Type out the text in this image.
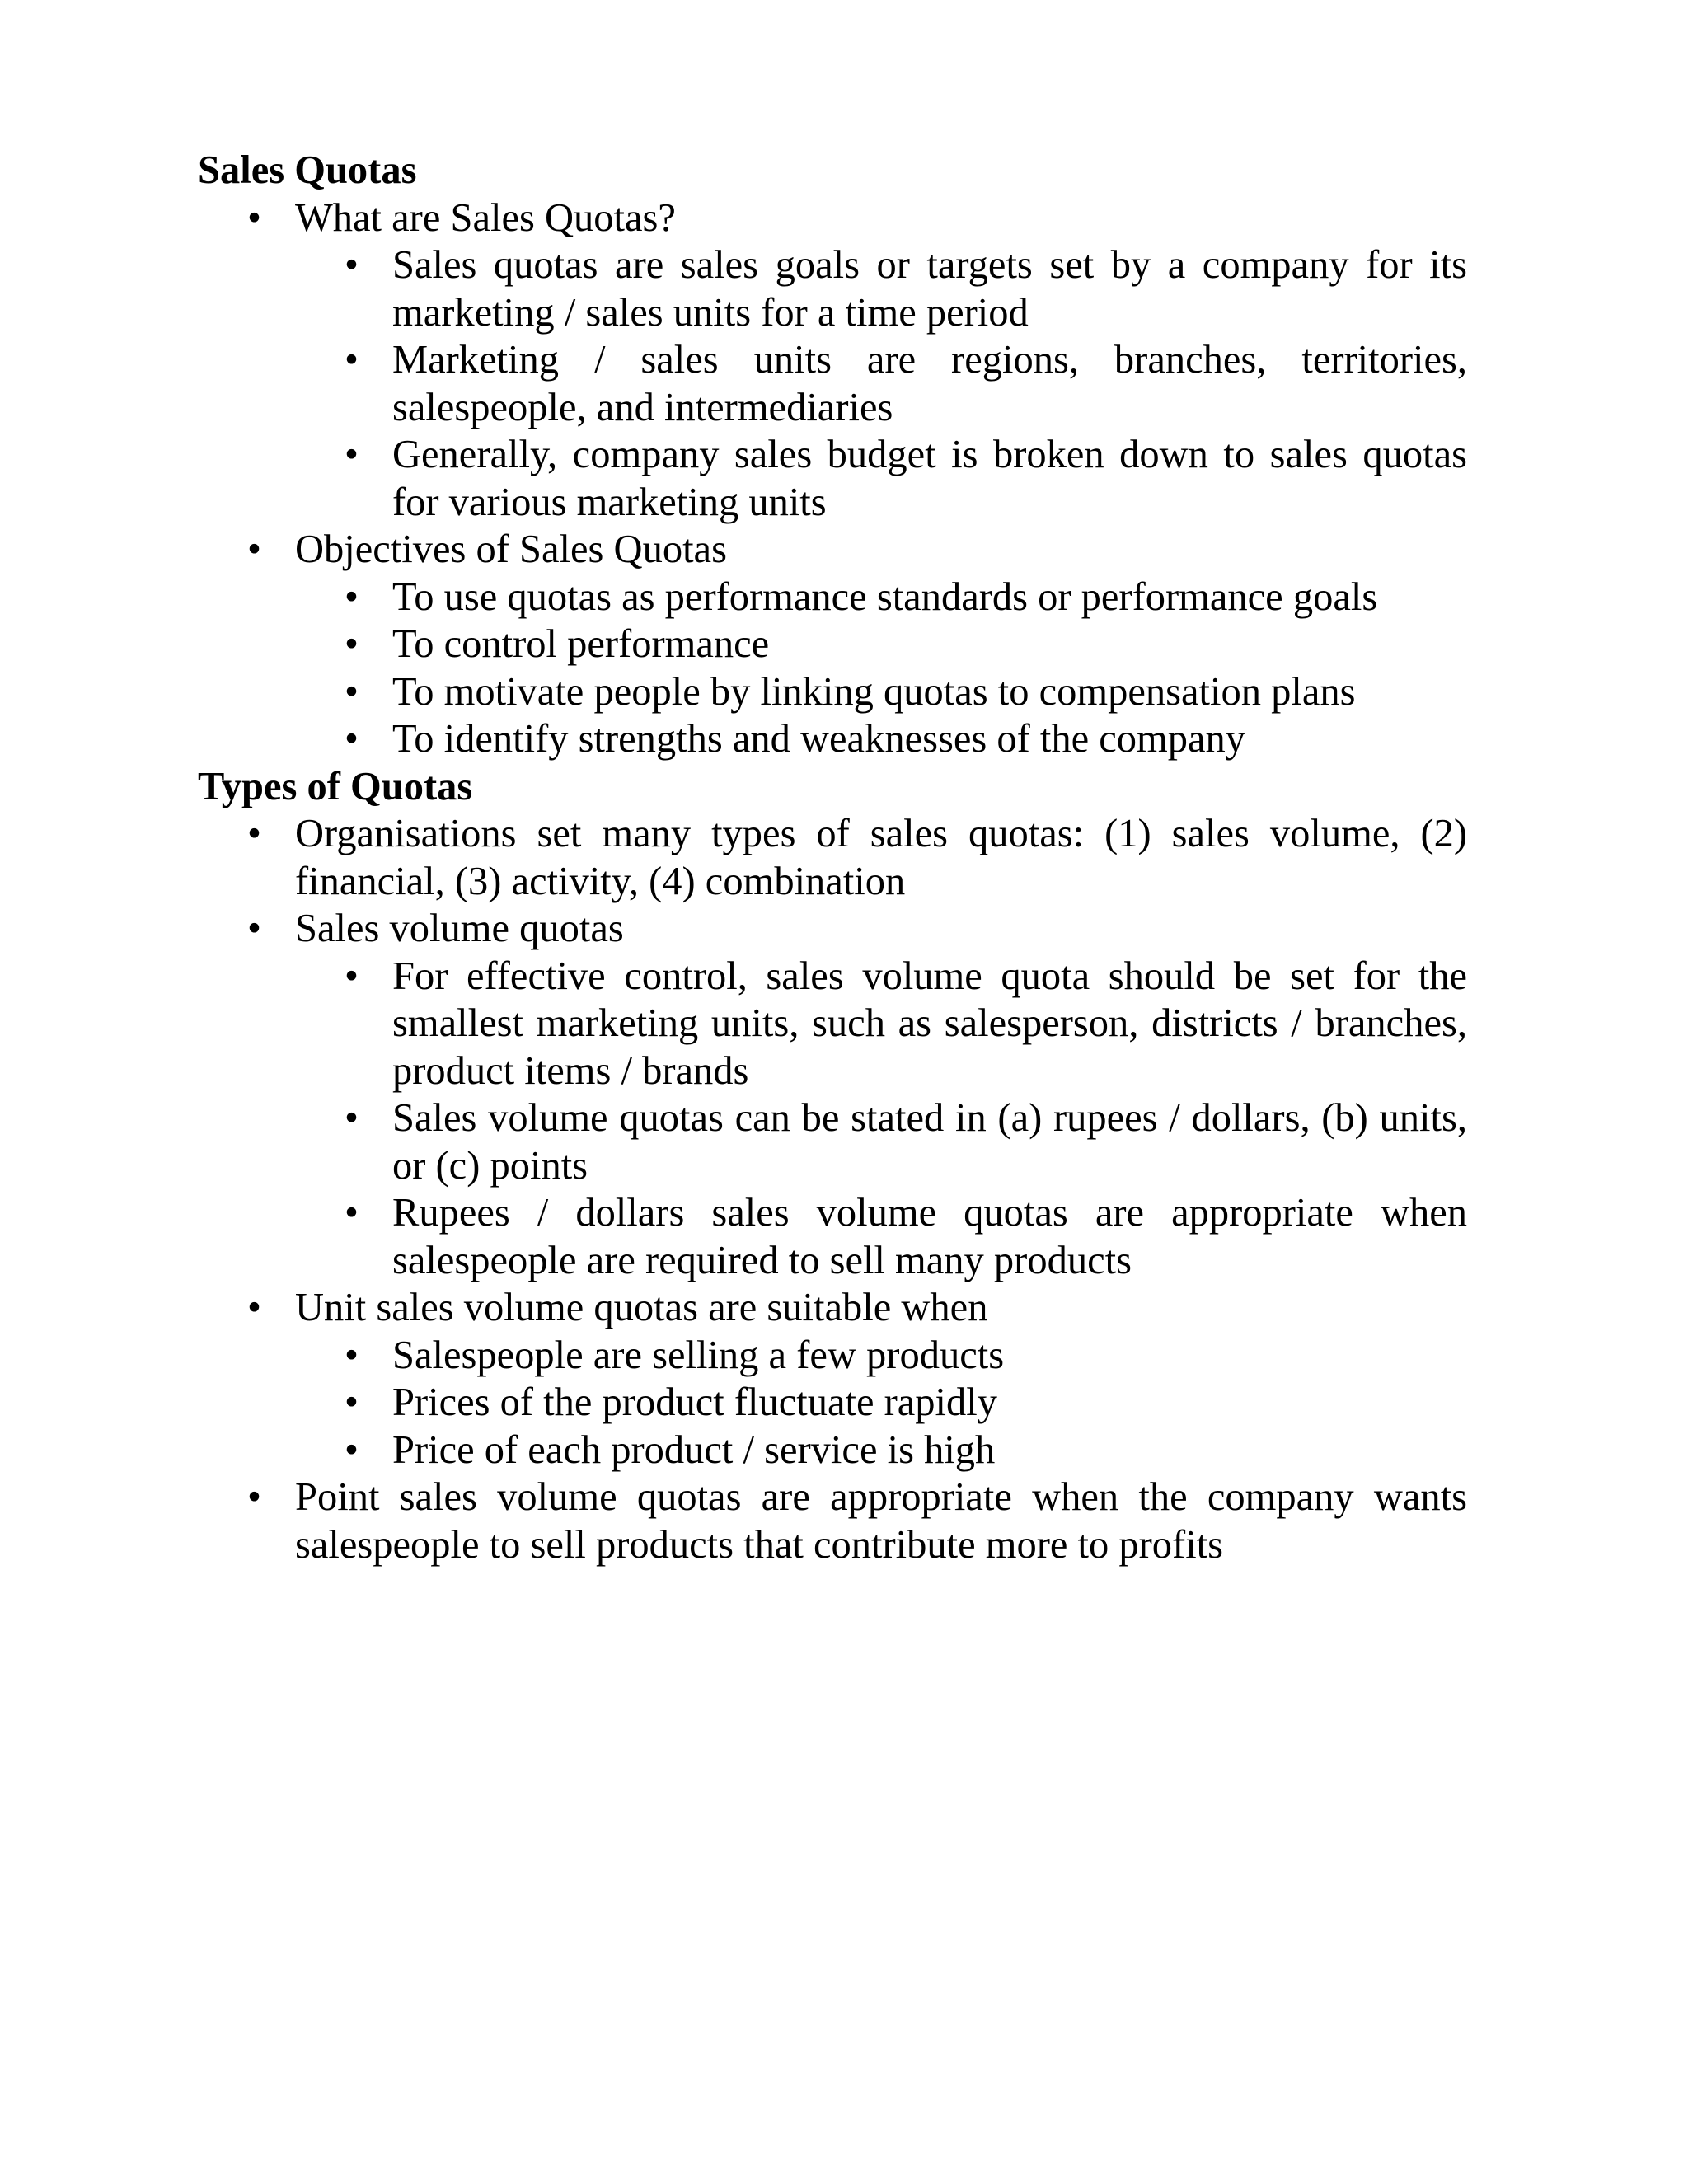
Sales Quotas

• What are Sales Quotas?
• Sales quotas are sales goals or targets set by a company for its marketing / sales units for a time period
• Marketing / sales units are regions, branches, territories, salespeople, and intermediaries
• Generally, company sales budget is broken down to sales quotas for various marketing units
• Objectives of Sales Quotas
• To use quotas as performance standards or performance goals
• To control performance
• To motivate people by linking quotas to compensation plans
• To identify strengths and weaknesses of the company

Types of Quotas

• Organisations set many types of sales quotas: (1) sales volume, (2) financial, (3) activity, (4) combination
• Sales volume quotas
• For effective control, sales volume quota should be set for the smallest marketing units, such as salesperson, districts / branches, product items / brands
• Sales volume quotas can be stated in (a) rupees / dollars, (b) units, or (c) points
• Rupees / dollars sales volume quotas are appropriate when salespeople are required to sell many products
• Unit sales volume quotas are suitable when
• Salespeople are selling a few products
• Prices of the product fluctuate rapidly
• Price of each product / service is high
• Point sales volume quotas are appropriate when the company wants salespeople to sell products that contribute more to profits
